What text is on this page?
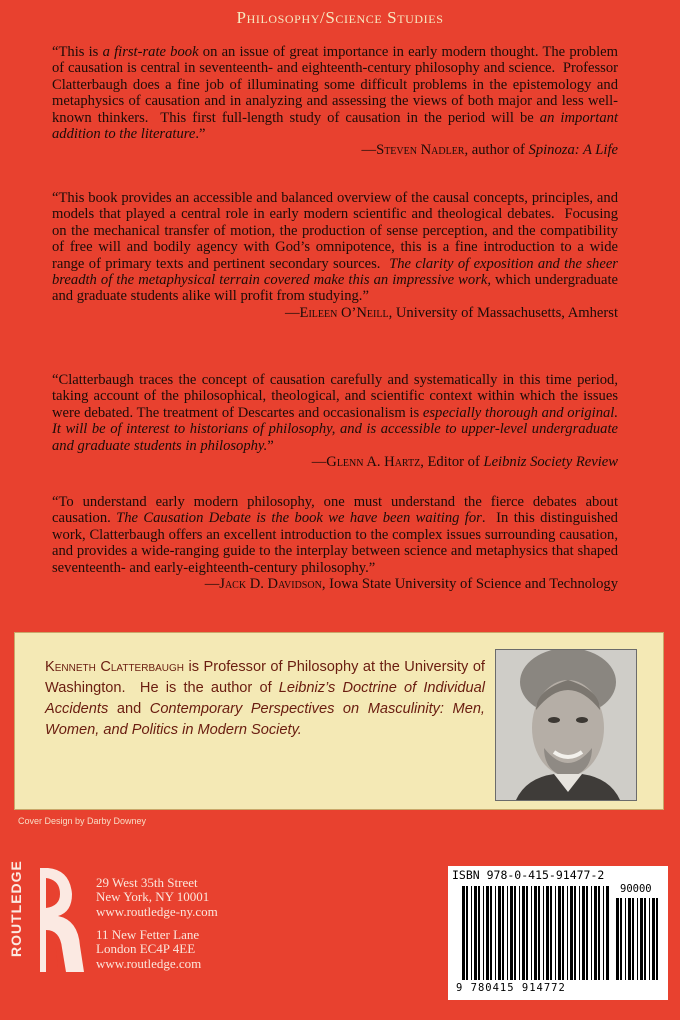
Philosophy/Science Studies
“This is a first-rate book on an issue of great importance in early modern thought. The problem of causation is central in seventeenth- and eighteenth-century philosophy and science.  Professor Clatterbaugh does a fine job of illuminating some difficult problems in the epistemology and metaphysics of causation and in analyzing and assessing the views of both major and less well-known thinkers.  This first full-length study of causation in the period will be an important addition to the literature.”
—Steven Nadler, author of Spinoza: A Life
“This book provides an accessible and balanced overview of the causal concepts, principles, and models that played a central role in early modern scientific and theological debates.  Focusing on the mechanical transfer of motion, the production of sense perception, and the compatibility of free will and bodily agency with God’s omnipotence, this is a fine introduction to a wide range of primary texts and pertinent secondary sources.  The clarity of exposition and the sheer breadth of the metaphysical terrain covered make this an impressive work, which undergraduate and graduate students alike will profit from studying.”
—Eileen O’Neill, University of Massachusetts, Amherst
“Clatterbaugh traces the concept of causation carefully and systematically in this time period, taking account of the philosophical, theological, and scientific context within which the issues were debated. The treatment of Descartes and occasionalism is especially thorough and original. It will be of interest to historians of philosophy, and is accessible to upper-level undergraduate and graduate students in philosophy.”
—Glenn A. Hartz, Editor of Leibniz Society Review
“To understand early modern philosophy, one must understand the fierce debates about causation. The Causation Debate is the book we have been waiting for.  In this distinguished work, Clatterbaugh offers an excellent introduction to the complex issues surrounding causation, and provides a wide-ranging guide to the interplay between science and metaphysics that shaped seventeenth- and early-eighteenth-century philosophy.”
—Jack D. Davidson, Iowa State University of Science and Technology
Kenneth Clatterbaugh is Professor of Philosophy at the University of Washington.  He is the author of Leibniz’s Doctrine of Individual Accidents and Contemporary Perspectives on Masculinity: Men, Women, and Politics in Modern Society.
Cover Design by Darby Downey
ROUTLEDGE	29 West 35th Street
New York, NY 10001
www.routledge-ny.com
11 New Fetter Lane
London EC4P 4EE
www.routledge.com
ISBN 978-0-415-91477-2
90000
9 780415 914772
